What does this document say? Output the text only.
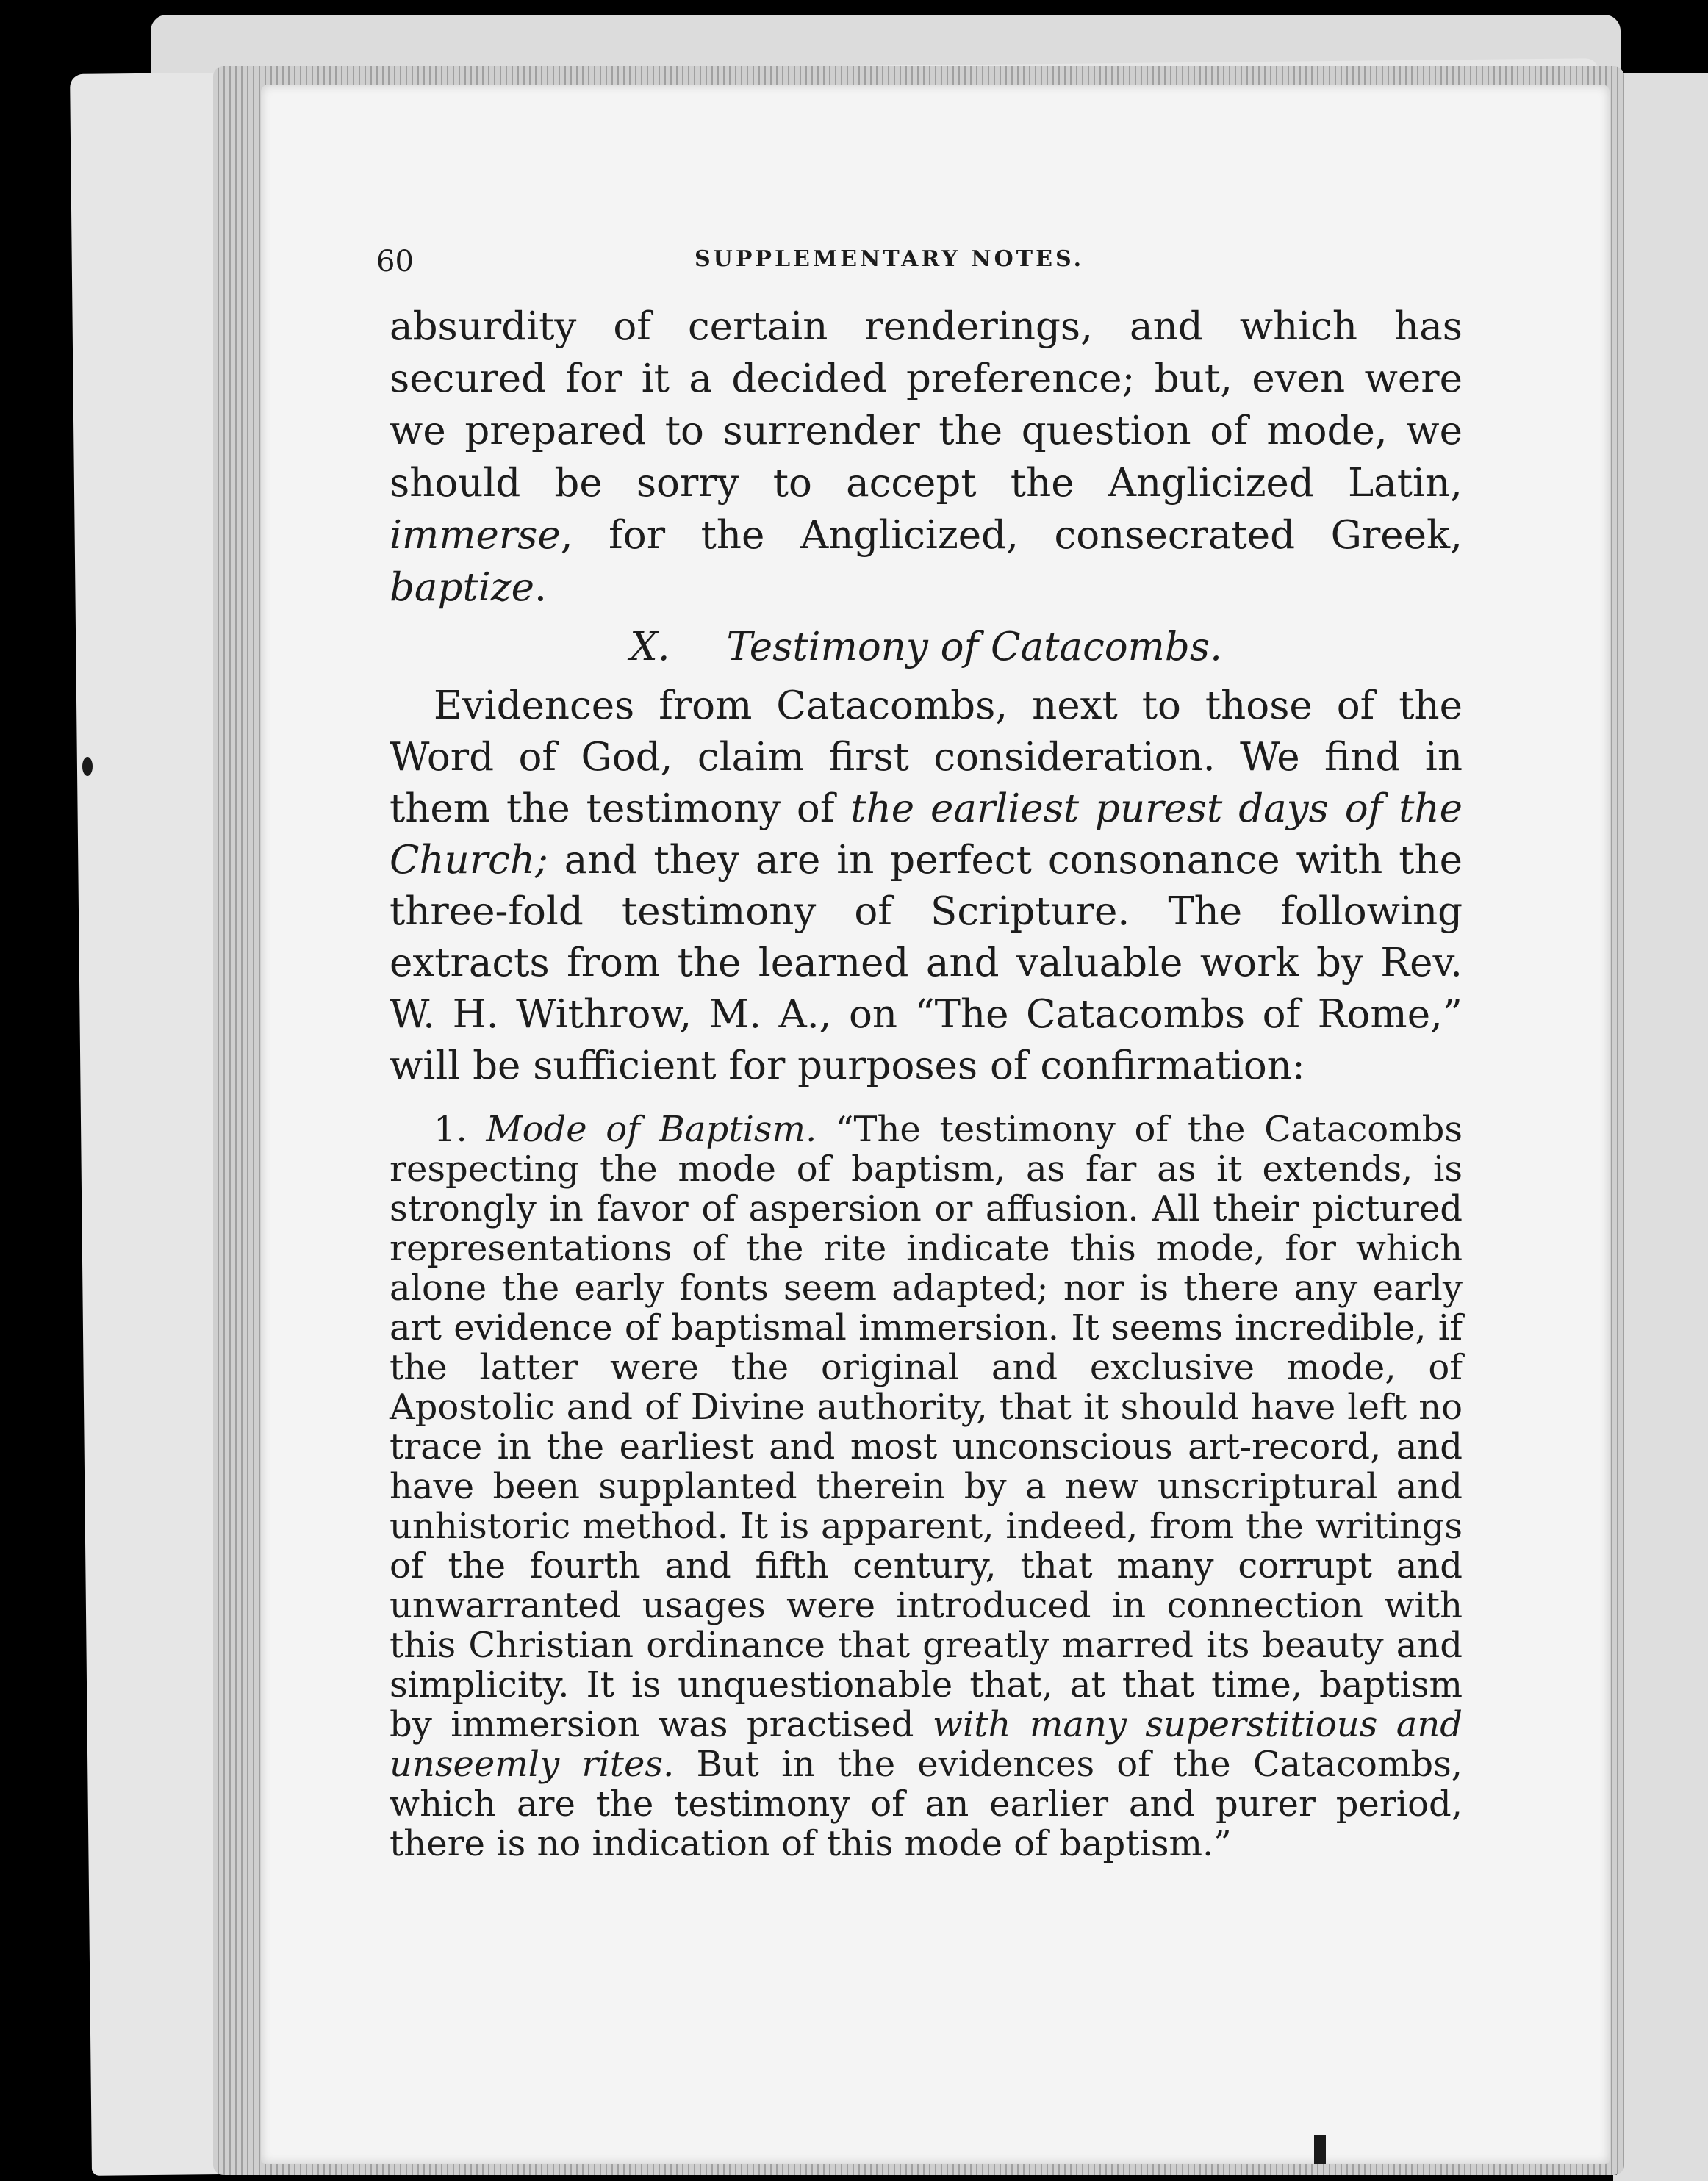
60	SUPPLEMENTARY NOTES.

absurdity of certain renderings, and which has secured for it a decided preference; but, even were we prepared to surrender the question of mode, we should be sorry to accept the Anglicized Latin, immerse, for the Anglicized, consecrated Greek, baptize.

X. Testimony of Catacombs.

Evidences from Catacombs, next to those of the Word of God, claim first consideration. We find in them the testimony of the earliest purest days of the Church; and they are in perfect consonance with the three-fold testimony of Scripture. The following extracts from the learned and valuable work by Rev. W. H. Withrow, M. A., on “The Catacombs of Rome,” will be sufficient for purposes of confirmation:

1. Mode of Baptism. “The testimony of the Catacombs respecting the mode of baptism, as far as it extends, is strongly in favor of aspersion or affusion. All their pictured representations of the rite indicate this mode, for which alone the early fonts seem adapted; nor is there any early art evidence of baptismal immersion. It seems incredible, if the latter were the original and exclusive mode, of Apostolic and of Divine authority, that it should have left no trace in the earliest and most unconscious art-record, and have been supplanted therein by a new unscriptural and unhistoric method. It is apparent, indeed, from the writings of the fourth and fifth century, that many corrupt and unwarranted usages were introduced in connection with this Christian ordinance that greatly marred its beauty and simplicity. It is unquestionable that, at that time, baptism by immersion was practised with many superstitious and unseemly rites. But in the evidences of the Catacombs, which are the testimony of an earlier and purer period, there is no indication of this mode of baptism.”
